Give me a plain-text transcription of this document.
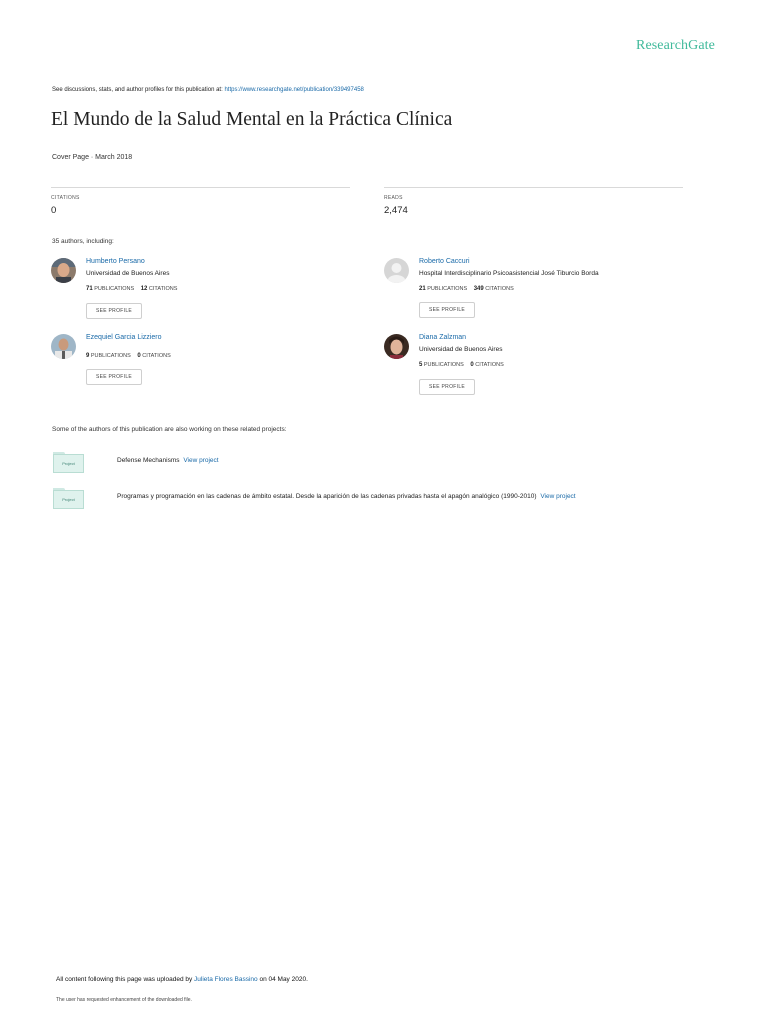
ResearchGate
See discussions, stats, and author profiles for this publication at: https://www.researchgate.net/publication/339497458
El Mundo de la Salud Mental en la Práctica Clínica
Cover Page · March 2018
CITATIONS
0
READS
2,474
35 authors, including:
Humberto Persano
Universidad de Buenos Aires
71 PUBLICATIONS 12 CITATIONS
SEE PROFILE
Roberto Caccuri
Hospital Interdisciplinario Psicoasistencial José Tiburcio Borda
21 PUBLICATIONS 349 CITATIONS
SEE PROFILE
Ezequiel Garcia Lizziero
9 PUBLICATIONS 0 CITATIONS
SEE PROFILE
Diana Zalzman
Universidad de Buenos Aires
5 PUBLICATIONS 0 CITATIONS
SEE PROFILE
Some of the authors of this publication are also working on these related projects:
Project	Defense Mechanisms View project
Project	Programas y programación en las cadenas de ámbito estatal. Desde la aparición de las cadenas privadas hasta el apagón analógico (1990-2010) View project
All content following this page was uploaded by Julieta Flores Bassino on 04 May 2020.
The user has requested enhancement of the downloaded file.
